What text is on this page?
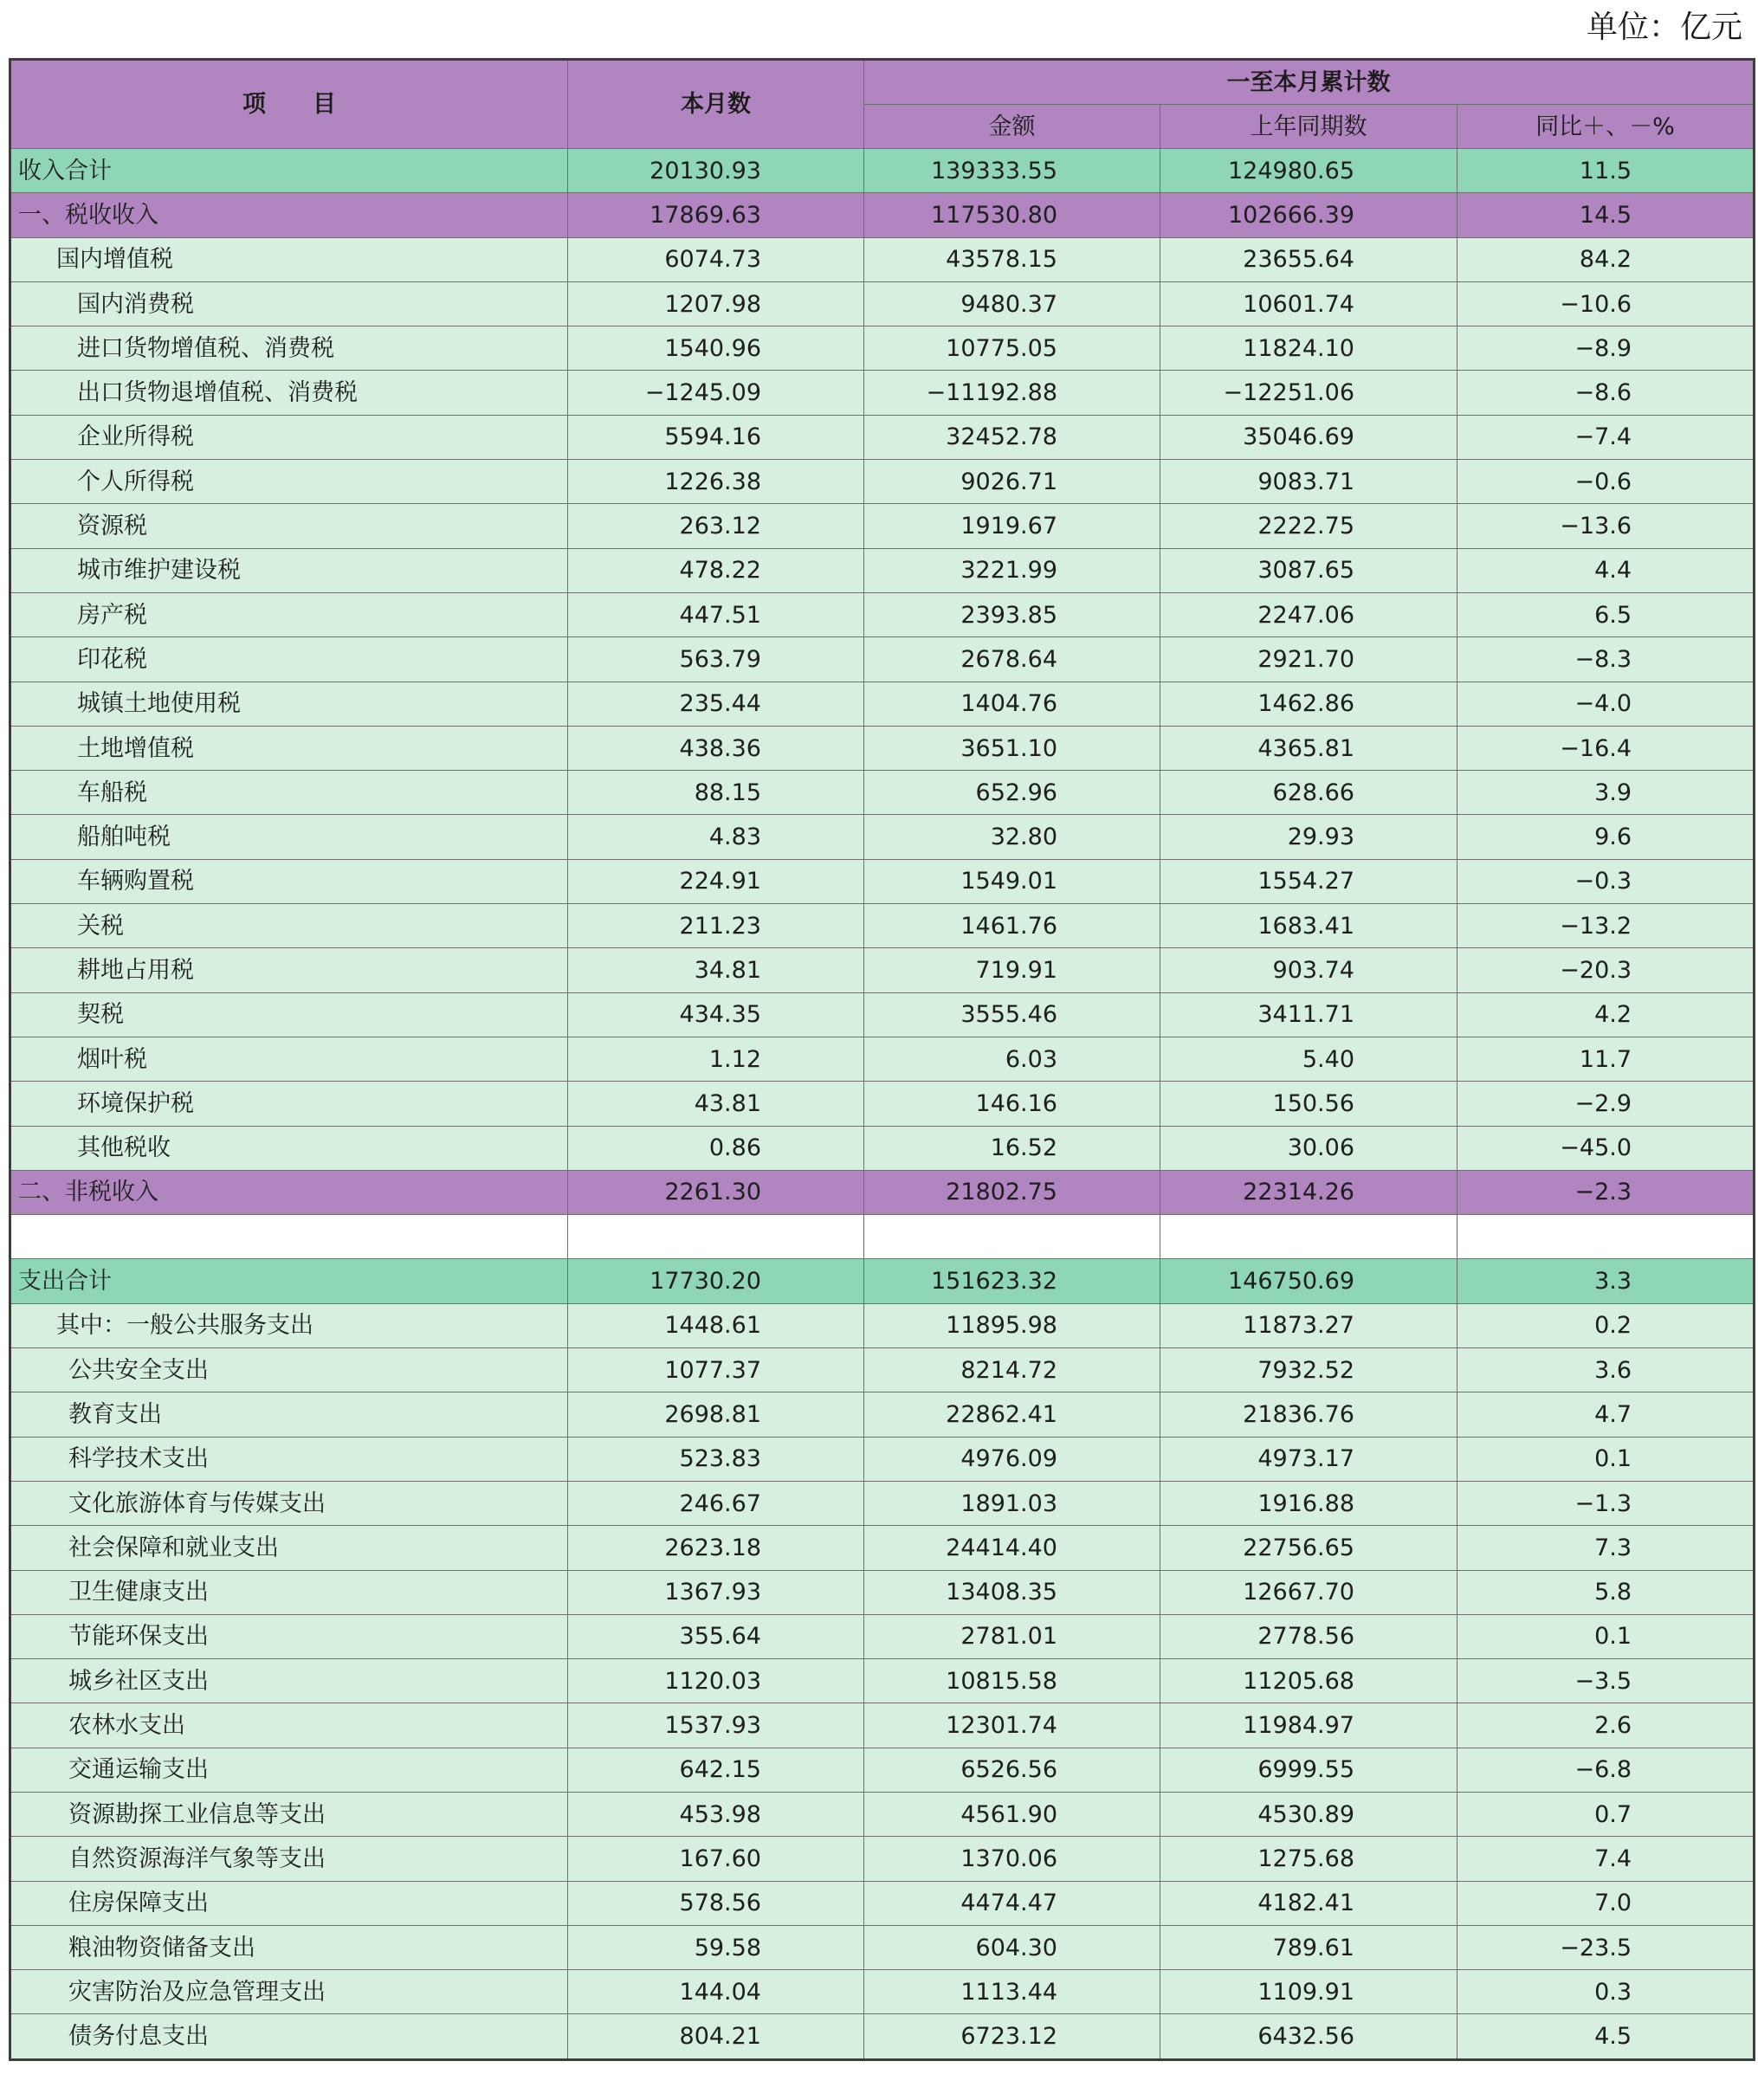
单位：亿元
项　　目	本月数	一至本月累计数		
		金额	上年同期数	同比＋、－%
收入合计	20130.93	139333.55	124980.65	11.5
一、税收收入	17869.63	117530.80	102666.39	14.5
国内增值税	6074.73	43578.15	23655.64	84.2
国内消费税	1207.98	9480.37	10601.74	−10.6
进口货物增值税、消费税	1540.96	10775.05	11824.10	−8.9
出口货物退增值税、消费税	−1245.09	−11192.88	−12251.06	−8.6
企业所得税	5594.16	32452.78	35046.69	−7.4
个人所得税	1226.38	9026.71	9083.71	−0.6
资源税	263.12	1919.67	2222.75	−13.6
城市维护建设税	478.22	3221.99	3087.65	4.4
房产税	447.51	2393.85	2247.06	6.5
印花税	563.79	2678.64	2921.70	−8.3
城镇土地使用税	235.44	1404.76	1462.86	−4.0
土地增值税	438.36	3651.10	4365.81	−16.4
车船税	88.15	652.96	628.66	3.9
船舶吨税	4.83	32.80	29.93	9.6
车辆购置税	224.91	1549.01	1554.27	−0.3
关税	211.23	1461.76	1683.41	−13.2
耕地占用税	34.81	719.91	903.74	−20.3
契税	434.35	3555.46	3411.71	4.2
烟叶税	1.12	6.03	5.40	11.7
环境保护税	43.81	146.16	150.56	−2.9
其他税收	0.86	16.52	30.06	−45.0
二、非税收入	2261.30	21802.75	22314.26	−2.3

支出合计	17730.20	151623.32	146750.69	3.3
其中：一般公共服务支出	1448.61	11895.98	11873.27	0.2
公共安全支出	1077.37	8214.72	7932.52	3.6
教育支出	2698.81	22862.41	21836.76	4.7
科学技术支出	523.83	4976.09	4973.17	0.1
文化旅游体育与传媒支出	246.67	1891.03	1916.88	−1.3
社会保障和就业支出	2623.18	24414.40	22756.65	7.3
卫生健康支出	1367.93	13408.35	12667.70	5.8
节能环保支出	355.64	2781.01	2778.56	0.1
城乡社区支出	1120.03	10815.58	11205.68	−3.5
农林水支出	1537.93	12301.74	11984.97	2.6
交通运输支出	642.15	6526.56	6999.55	−6.8
资源勘探工业信息等支出	453.98	4561.90	4530.89	0.7
自然资源海洋气象等支出	167.60	1370.06	1275.68	7.4
住房保障支出	578.56	4474.47	4182.41	7.0
粮油物资储备支出	59.58	604.30	789.61	−23.5
灾害防治及应急管理支出	144.04	1113.44	1109.91	0.3
债务付息支出	804.21	6723.12	6432.56	4.5
